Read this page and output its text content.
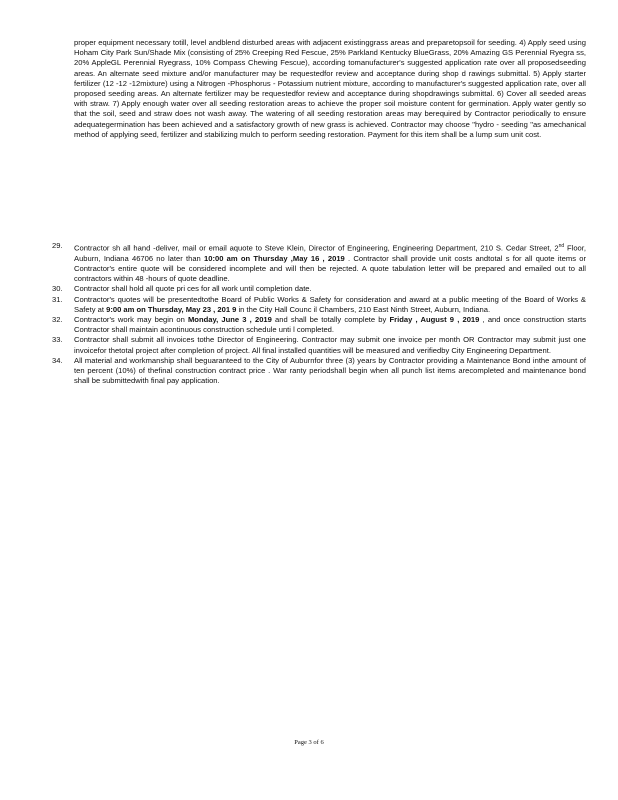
proper equipment necessary totill, level andblend disturbed areas with adjacent existinggrass areas and preparetopsoil for seeding. 4) Apply seed using Hoham City Park Sun/Shade Mix (consisting of 25% Creeping Red Fescue, 25% Parkland Kentucky BlueGrass, 20% Amazing GS Perennial Ryegra ss, 20% AppleGL Perennial Ryegrass, 10% Compass Chewing Fescue), according tomanufacturer's suggested application rate over all proposedseeding areas. An alternate seed mixture and/or manufacturer may be requestedfor review and acceptance during shop d rawings submittal. 5) Apply starter fertilizer (12 -12 -12mixture) using a Nitrogen -Phosphorus - Potassium nutrient mixture, according to manufacturer's suggested application rate, over all proposed seeding areas. An alternate fertilizer may be requestedfor review and acceptance during shopdrawings submittal. 6) Cover all seeded areas with straw. 7) Apply enough water over all seeding restoration areas to achieve the proper soil moisture content for germination. Apply water gently so that the soil, seed and straw does not wash away. The watering of all seeding restoration areas may berequired by Contractor periodically to ensure adequategermination has been achieved and a satisfactory growth of new grass is achieved. Contractor may choose "hydro - seeding "as amechanical method of applying seed, fertilizer and stabilizing mulch to perform seeding restoration. Payment for this item shall be a lump sum unit cost.
29. Contractor sh all hand -deliver, mail or email aquote to Steve Klein, Director of Engineering, Engineering Department, 210 S. Cedar Street, 2nd Floor, Auburn, Indiana 46706 no later than 10:00 am on Thursday ,May 16 , 2019 . Contractor shall provide unit costs andtotal s for all quote items or Contractor's entire quote will be considered incomplete and will then be rejected. A quote tabulation letter will be prepared and emailed out to all contractors within 48 -hours of quote deadline.
30. Contractor shall hold all quote pri ces for all work until completion date.
31. Contractor's quotes will be presentedtothe Board of Public Works & Safety for consideration and award at a public meeting of the Board of Works & Safety at 9:00 am on Thursday, May 23 , 201 9 in the City Hall Counc il Chambers, 210 East Ninth Street, Auburn, Indiana.
32. Contractor's work may begin on Monday, June 3 , 2019 and shall be totally complete by Friday , August 9 , 2019 , and once construction starts Contractor shall maintain acontinuous construction schedule unti l completed.
33. Contractor shall submit all invoices tothe Director of Engineering. Contractor may submit one invoice per month OR Contractor may submit just one invoicefor thetotal project after completion of project. All final installed quantities will be measured and verifiedby City Engineering Department.
34. All material and workmanship shall beguaranteed to the City of Auburnfor three (3) years by Contractor providing a Maintenance Bond inthe amount of ten percent (10%) of thefinal construction contract price . War ranty periodshall begin when all punch list items arecompleted and maintenance bond shall be submittedwith final pay application.
Page 3 of 6
